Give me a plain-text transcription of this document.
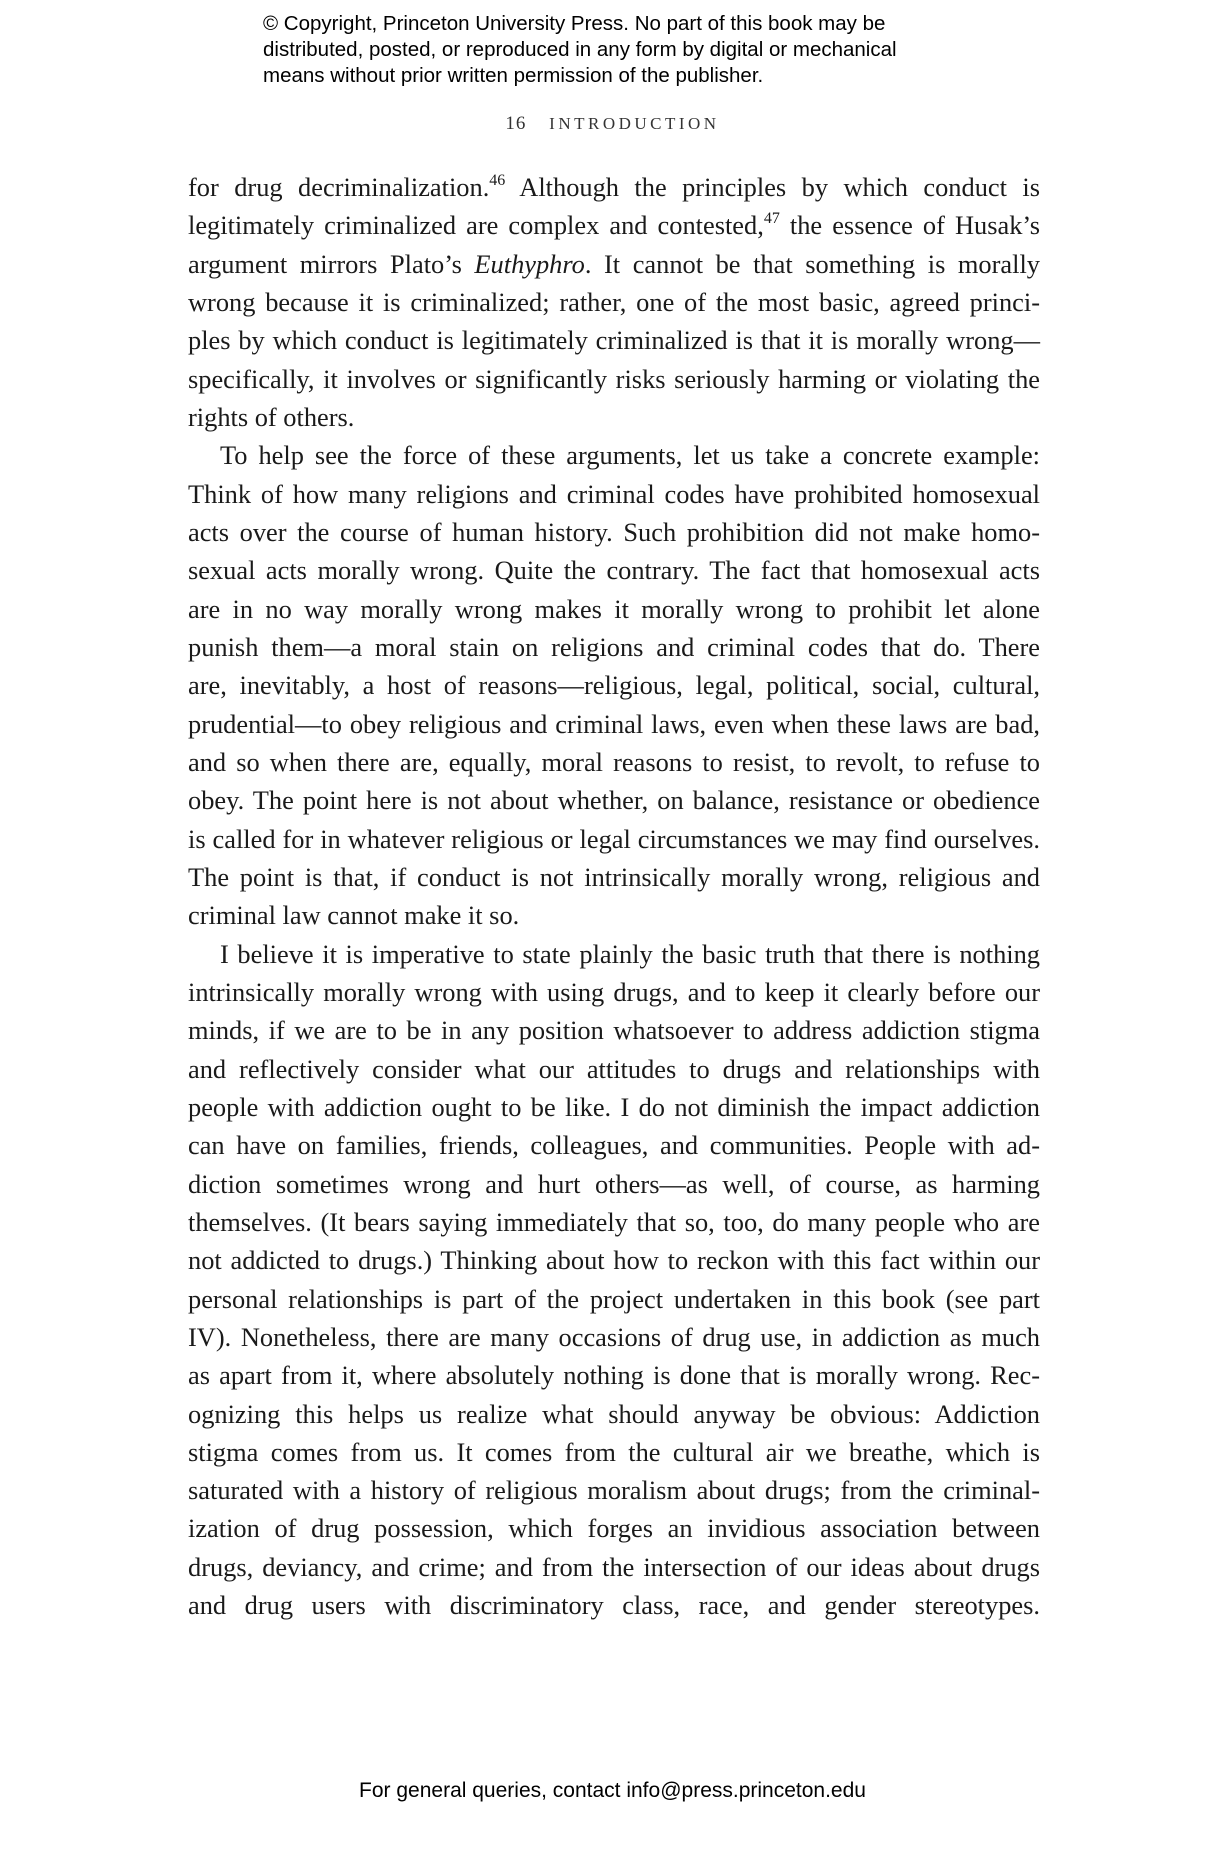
© Copyright, Princeton University Press. No part of this book may be
distributed, posted, or reproduced in any form by digital or mechanical
means without prior written permission of the publisher.
16 INTRODUCTION
for drug decriminalization.$^{46}$ Although the principles by which conduct is
legitimately criminalized are complex and contested,$^{47}$ the essence of Husak’s
argument mirrors Plato’s Euthyphro. It cannot be that something is morally
wrong because it is criminalized; rather, one of the most basic, agreed princi-
ples by which conduct is legitimately criminalized is that it is morally wrong—
specifically, it involves or significantly risks seriously harming or violating the
rights of others.
To help see the force of these arguments, let us take a concrete example:
Think of how many religions and criminal codes have prohibited homosexual
acts over the course of human history. Such prohibition did not make homo-
sexual acts morally wrong. Quite the contrary. The fact that homosexual acts
are in no way morally wrong makes it morally wrong to prohibit let alone
punish them—a moral stain on religions and criminal codes that do. There
are, inevitably, a host of reasons—religious, legal, political, social, cultural,
prudential—to obey religious and criminal laws, even when these laws are bad,
and so when there are, equally, moral reasons to resist, to revolt, to refuse to
obey. The point here is not about whether, on balance, resistance or obedience
is called for in whatever religious or legal circumstances we may find ourselves.
The point is that, if conduct is not intrinsically morally wrong, religious and
criminal law cannot make it so.
I believe it is imperative to state plainly the basic truth that there is nothing
intrinsically morally wrong with using drugs, and to keep it clearly before our
minds, if we are to be in any position whatsoever to address addiction stigma
and reflectively consider what our attitudes to drugs and relationships with
people with addiction ought to be like. I do not diminish the impact addiction
can have on families, friends, colleagues, and communities. People with ad-
diction sometimes wrong and hurt others—as well, of course, as harming
themselves. (It bears saying immediately that so, too, do many people who are
not addicted to drugs.) Thinking about how to reckon with this fact within our
personal relationships is part of the project undertaken in this book (see part
IV). Nonetheless, there are many occasions of drug use, in addiction as much
as apart from it, where absolutely nothing is done that is morally wrong. Rec-
ognizing this helps us realize what should anyway be obvious: Addiction
stigma comes from us. It comes from the cultural air we breathe, which is
saturated with a history of religious moralism about drugs; from the criminal-
ization of drug possession, which forges an invidious association between
drugs, deviancy, and crime; and from the intersection of our ideas about drugs
and drug users with discriminatory class, race, and gender stereotypes.
For general queries, contact info@press.princeton.edu
